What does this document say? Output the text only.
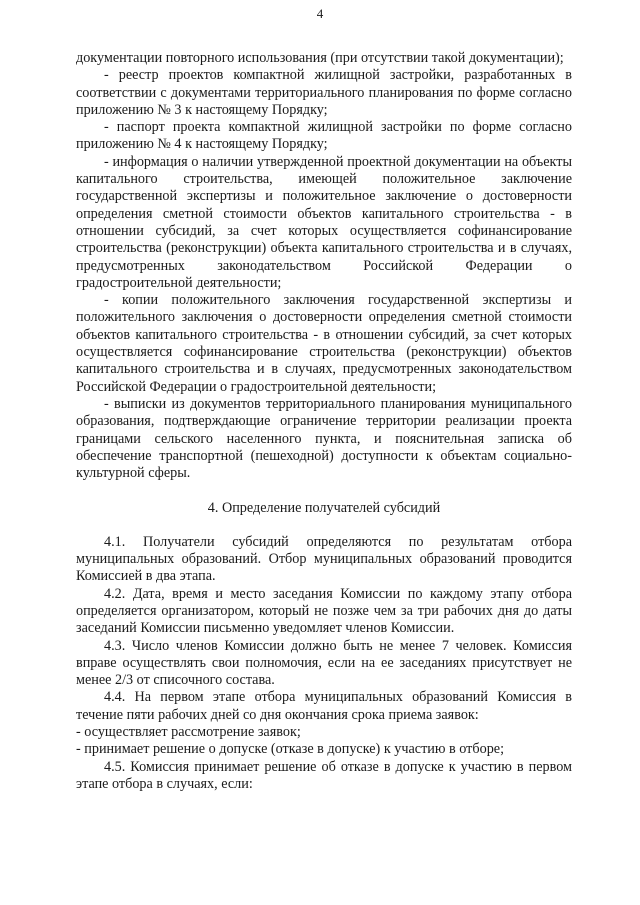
4

документации повторного использования (при отсутствии такой документации);

- реестр проектов компактной жилищной застройки, разработанных в соответствии с документами территориального планирования по форме согласно приложению № 3 к настоящему Порядку;

- паспорт проекта компактной жилищной застройки по форме согласно приложению № 4 к настоящему Порядку;

- информация о наличии утвержденной проектной документации на объекты капитального строительства, имеющей положительное заключение государственной экспертизы и положительное заключение о достоверности определения сметной стоимости объектов капитального строительства - в отношении субсидий, за счет которых осуществляется софинансирование строительства (реконструкции) объекта капитального строительства и в случаях, предусмотренных законодательством Российской Федерации о градостроительной деятельности;

- копии положительного заключения государственной экспертизы и положительного заключения о достоверности определения сметной стоимости объектов капитального строительства - в отношении субсидий, за счет которых осуществляется софинансирование строительства (реконструкции) объектов капитального строительства и в случаях, предусмотренных законодательством Российской Федерации о градостроительной деятельности;

- выписки из документов территориального планирования муниципального образования, подтверждающие ограничение территории реализации проекта границами сельского населенного пункта, и пояснительная записка об обеспечение транспортной (пешеходной) доступности к объектам социально-культурной сферы.

4. Определение получателей субсидий

4.1. Получатели субсидий определяются по результатам отбора муниципальных образований. Отбор муниципальных образований проводится Комиссией в два этапа.

4.2. Дата, время и место заседания Комиссии по каждому этапу отбора определяется организатором, который не позже чем за три рабочих дня до даты заседаний Комиссии письменно уведомляет членов Комиссии.

4.3. Число членов Комиссии должно быть не менее 7 человек. Комиссия вправе осуществлять свои полномочия, если на ее заседаниях присутствует не менее 2/3 от списочного состава.

4.4. На первом этапе отбора муниципальных образований Комиссия в течение пяти рабочих дней со дня окончания срока приема заявок:

- осуществляет рассмотрение заявок;

- принимает решение о допуске (отказе в допуске) к участию в отборе;

4.5. Комиссия принимает решение об отказе в допуске к участию в первом этапе отбора в случаях, если:
